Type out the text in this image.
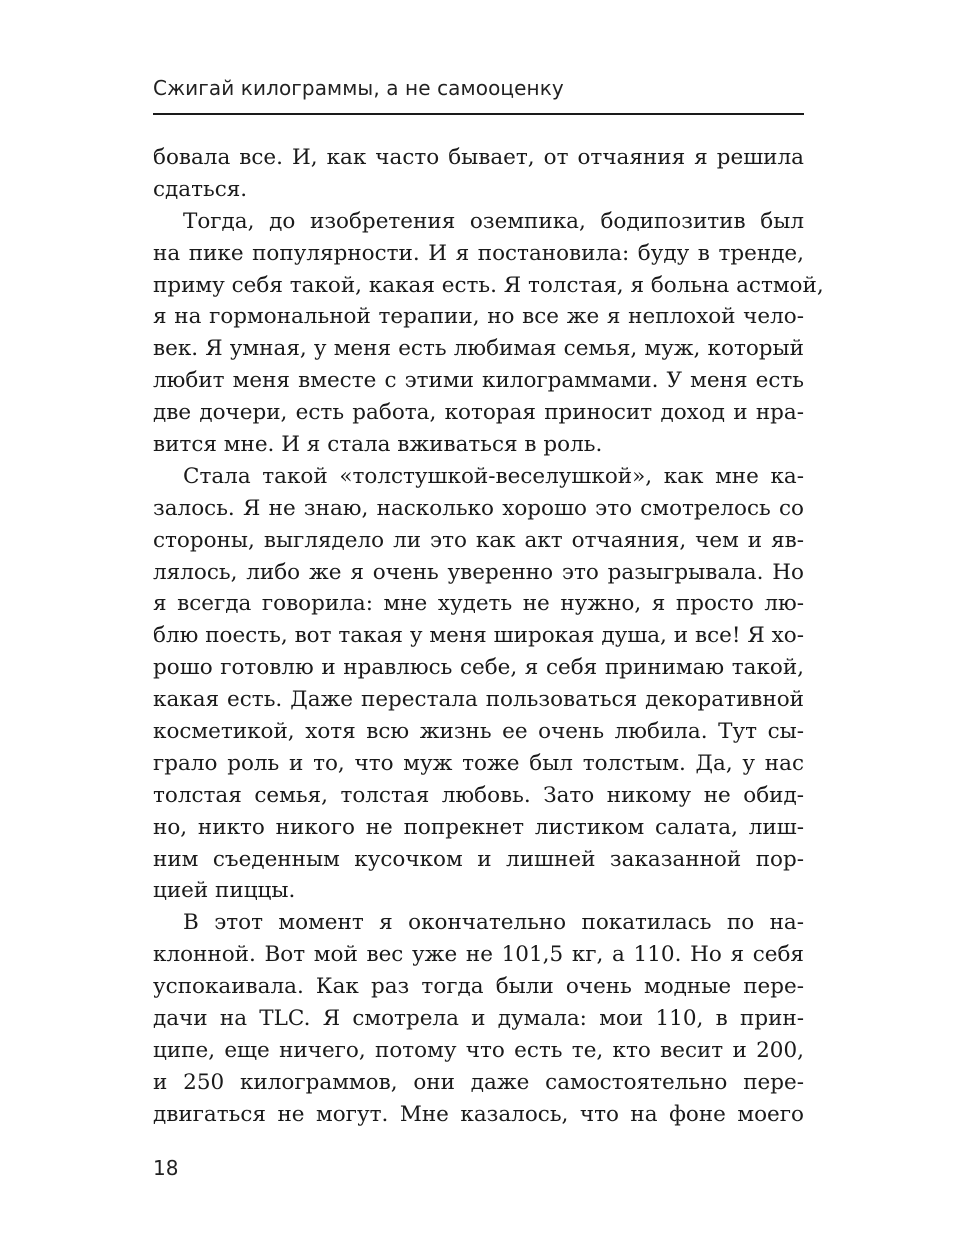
Сжигай килограммы, а не самооценку
бовала все. И, как часто бывает, от отчаяния я решила
сдаться.
Тогда, до изобретения оземпика, бодипозитив был
на пике популярности. И я постановила: буду в тренде,
приму себя такой, какая есть. Я толстая, я больна астмой,
я на гормональной терапии, но все же я неплохой чело-
век. Я умная, у меня есть любимая семья, муж, который
любит меня вместе с этими килограммами. У меня есть
две дочери, есть работа, которая приносит доход и нра-
вится мне. И я стала вживаться в роль.
Стала такой «толстушкой-веселушкой», как мне ка-
залось. Я не знаю, насколько хорошо это смотрелось со
стороны, выглядело ли это как акт отчаяния, чем и яв-
лялось, либо же я очень уверенно это разыгрывала. Но
я всегда говорила: мне худеть не нужно, я просто лю-
блю поесть, вот такая у меня широкая душа, и все! Я хо-
рошо готовлю и нравлюсь себе, я себя принимаю такой,
какая есть. Даже перестала пользоваться декоративной
косметикой, хотя всю жизнь ее очень любила. Тут сы-
грало роль и то, что муж тоже был толстым. Да, у нас
толстая семья, толстая любовь. Зато никому не обид-
но, никто никого не попрекнет листиком салата, лиш-
ним съеденным кусочком и лишней заказанной пор-
цией пиццы.
В этот момент я окончательно покатилась по на-
клонной. Вот мой вес уже не 101,5 кг, а 110. Но я себя
успокаивала. Как раз тогда были очень модные пере-
дачи на TLC. Я смотрела и думала: мои 110, в прин-
ципе, еще ничего, потому что есть те, кто весит и 200,
и 250 килограммов, они даже самостоятельно пере-
двигаться не могут. Мне казалось, что на фоне моего
18
